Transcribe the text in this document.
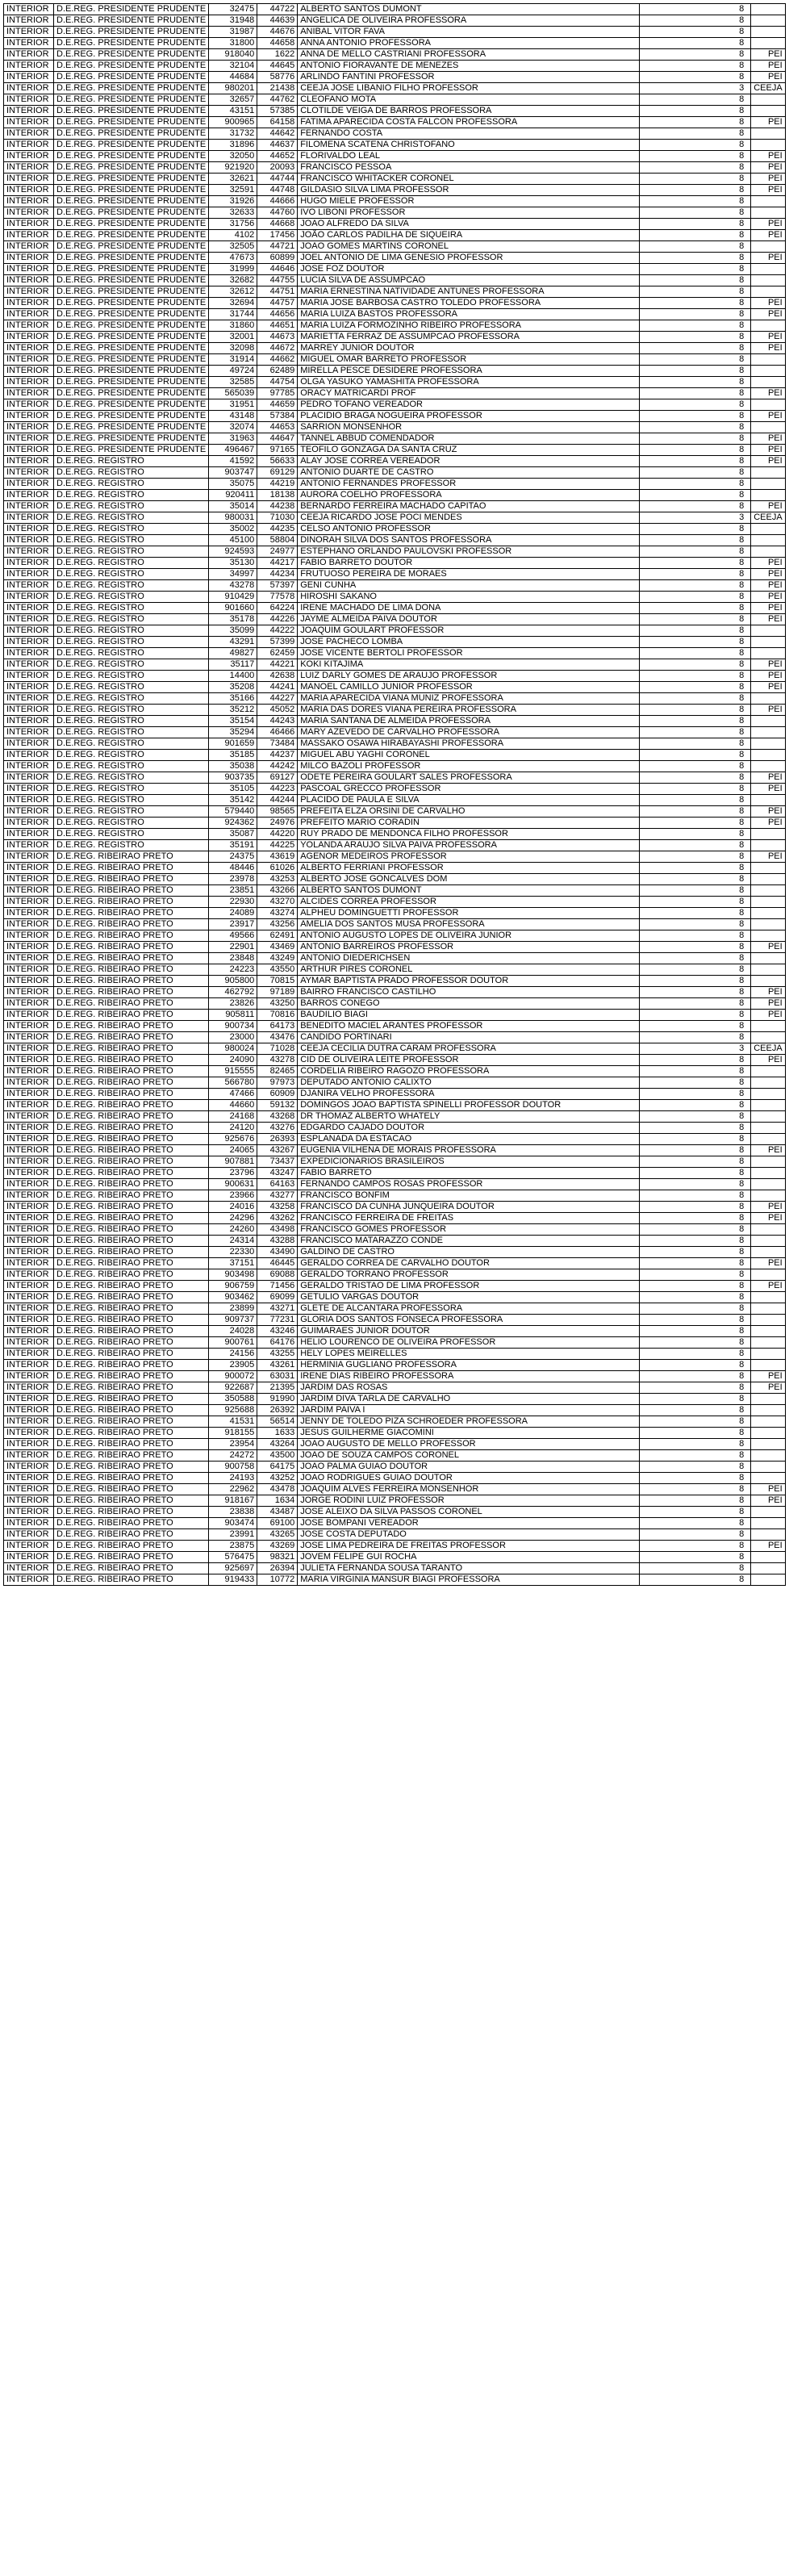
INTERIOR	D.E.REG. PRESIDENTE PRUDENTE	32475	44722	ALBERTO SANTOS DUMONT	8	
INTERIOR	D.E.REG. PRESIDENTE PRUDENTE	31948	44639	ANGELICA DE OLIVEIRA PROFESSORA	8	
INTERIOR	D.E.REG. PRESIDENTE PRUDENTE	31987	44676	ANIBAL VITOR FAVA	8	
INTERIOR	D.E.REG. PRESIDENTE PRUDENTE	31800	44658	ANNA ANTONIO PROFESSORA	8	
INTERIOR	D.E.REG. PRESIDENTE PRUDENTE	918040	1622	ANNA DE MELLO CASTRIANI PROFESSORA	8	PEI
INTERIOR	D.E.REG. PRESIDENTE PRUDENTE	32104	44645	ANTONIO FIORAVANTE DE MENEZES	8	PEI
INTERIOR	D.E.REG. PRESIDENTE PRUDENTE	44684	58776	ARLINDO FANTINI PROFESSOR	8	PEI
INTERIOR	D.E.REG. PRESIDENTE PRUDENTE	980201	21438	CEEJA JOSE LIBANIO FILHO PROFESSOR	3	CEEJA
INTERIOR	D.E.REG. PRESIDENTE PRUDENTE	32657	44762	CLEOFANO MOTA	8	
INTERIOR	D.E.REG. PRESIDENTE PRUDENTE	43151	57385	CLOTILDE VEIGA DE BARROS PROFESSORA	8	
INTERIOR	D.E.REG. PRESIDENTE PRUDENTE	900965	64158	FATIMA APARECIDA COSTA FALCON PROFESSORA	8	PEI
INTERIOR	D.E.REG. PRESIDENTE PRUDENTE	31732	44642	FERNANDO COSTA	8	
INTERIOR	D.E.REG. PRESIDENTE PRUDENTE	31896	44637	FILOMENA SCATENA CHRISTOFANO	8	
INTERIOR	D.E.REG. PRESIDENTE PRUDENTE	32050	44652	FLORIVALDO LEAL	8	PEI
INTERIOR	D.E.REG. PRESIDENTE PRUDENTE	921920	20093	FRANCISCO PESSOA	8	PEI
INTERIOR	D.E.REG. PRESIDENTE PRUDENTE	32621	44744	FRANCISCO WHITACKER CORONEL	8	PEI
INTERIOR	D.E.REG. PRESIDENTE PRUDENTE	32591	44748	GILDASIO SILVA LIMA PROFESSOR	8	PEI
INTERIOR	D.E.REG. PRESIDENTE PRUDENTE	31926	44666	HUGO MIELE PROFESSOR	8	
INTERIOR	D.E.REG. PRESIDENTE PRUDENTE	32633	44760	IVO LIBONI PROFESSOR	8	
INTERIOR	D.E.REG. PRESIDENTE PRUDENTE	31756	44668	JOAO ALFREDO DA SILVA	8	PEI
INTERIOR	D.E.REG. PRESIDENTE PRUDENTE	4102	17456	JOÃO CARLOS PADILHA DE SIQUEIRA	8	PEI
INTERIOR	D.E.REG. PRESIDENTE PRUDENTE	32505	44721	JOAO GOMES MARTINS CORONEL	8	
INTERIOR	D.E.REG. PRESIDENTE PRUDENTE	47673	60899	JOEL ANTONIO DE LIMA GENESIO PROFESSOR	8	PEI
INTERIOR	D.E.REG. PRESIDENTE PRUDENTE	31999	44646	JOSE FOZ DOUTOR	8	
INTERIOR	D.E.REG. PRESIDENTE PRUDENTE	32682	44755	LUCIA SILVA DE ASSUMPCAO	8	
INTERIOR	D.E.REG. PRESIDENTE PRUDENTE	32612	44751	MARIA ERNESTINA NATIVIDADE ANTUNES PROFESSORA	8	
INTERIOR	D.E.REG. PRESIDENTE PRUDENTE	32694	44757	MARIA JOSE BARBOSA CASTRO TOLEDO PROFESSORA	8	PEI
INTERIOR	D.E.REG. PRESIDENTE PRUDENTE	31744	44656	MARIA LUIZA BASTOS PROFESSORA	8	PEI
INTERIOR	D.E.REG. PRESIDENTE PRUDENTE	31860	44651	MARIA LUIZA FORMOZINHO RIBEIRO PROFESSORA	8	
INTERIOR	D.E.REG. PRESIDENTE PRUDENTE	32001	44673	MARIETTA FERRAZ DE ASSUMPCAO PROFESSORA	8	PEI
INTERIOR	D.E.REG. PRESIDENTE PRUDENTE	32098	44672	MARREY JUNIOR DOUTOR	8	PEI
INTERIOR	D.E.REG. PRESIDENTE PRUDENTE	31914	44662	MIGUEL OMAR BARRETO PROFESSOR	8	
INTERIOR	D.E.REG. PRESIDENTE PRUDENTE	49724	62489	MIRELLA PESCE DESIDERE PROFESSORA	8	
INTERIOR	D.E.REG. PRESIDENTE PRUDENTE	32585	44754	OLGA YASUKO YAMASHITA PROFESSORA	8	
INTERIOR	D.E.REG. PRESIDENTE PRUDENTE	565039	97785	ORACY MATRICARDI PROF	8	PEI
INTERIOR	D.E.REG. PRESIDENTE PRUDENTE	31951	44659	PEDRO TOFANO VEREADOR	8	
INTERIOR	D.E.REG. PRESIDENTE PRUDENTE	43148	57384	PLACIDIO BRAGA NOGUEIRA PROFESSOR	8	PEI
INTERIOR	D.E.REG. PRESIDENTE PRUDENTE	32074	44653	SARRION MONSENHOR	8	
INTERIOR	D.E.REG. PRESIDENTE PRUDENTE	31963	44647	TANNEL ABBUD COMENDADOR	8	PEI
INTERIOR	D.E.REG. PRESIDENTE PRUDENTE	496467	97165	TEOFILO GONZAGA DA SANTA CRUZ	8	PEI
INTERIOR	D.E.REG. REGISTRO	41592	56633	ALAY JOSE CORREA VEREADOR	8	PEI
INTERIOR	D.E.REG. REGISTRO	903747	69129	ANTONIO DUARTE DE CASTRO	8	
INTERIOR	D.E.REG. REGISTRO	35075	44219	ANTONIO FERNANDES PROFESSOR	8	
INTERIOR	D.E.REG. REGISTRO	920411	18138	AURORA COELHO PROFESSORA	8	
INTERIOR	D.E.REG. REGISTRO	35014	44238	BERNARDO FERREIRA MACHADO CAPITAO	8	PEI
INTERIOR	D.E.REG. REGISTRO	980031	71030	CEEJA RICARDO JOSE POCI MENDES	3	CEEJA
INTERIOR	D.E.REG. REGISTRO	35002	44235	CELSO ANTONIO PROFESSOR	8	
INTERIOR	D.E.REG. REGISTRO	45100	58804	DINORAH SILVA DOS SANTOS PROFESSORA	8	
INTERIOR	D.E.REG. REGISTRO	924593	24977	ESTEPHANO ORLANDO PAULOVSKI PROFESSOR	8	
INTERIOR	D.E.REG. REGISTRO	35130	44217	FABIO BARRETO DOUTOR	8	PEI
INTERIOR	D.E.REG. REGISTRO	34997	44234	FRUTUOSO PEREIRA DE MORAES	8	PEI
INTERIOR	D.E.REG. REGISTRO	43278	57397	GENI CUNHA	8	PEI
INTERIOR	D.E.REG. REGISTRO	910429	77578	HIROSHI SAKANO	8	PEI
INTERIOR	D.E.REG. REGISTRO	901660	64224	IRENE MACHADO DE LIMA DONA	8	PEI
INTERIOR	D.E.REG. REGISTRO	35178	44226	JAYME ALMEIDA PAIVA DOUTOR	8	PEI
INTERIOR	D.E.REG. REGISTRO	35099	44222	JOAQUIM GOULART PROFESSOR	8	
INTERIOR	D.E.REG. REGISTRO	43291	57399	JOSE PACHECO LOMBA	8	
INTERIOR	D.E.REG. REGISTRO	49827	62459	JOSE VICENTE BERTOLI PROFESSOR	8	
INTERIOR	D.E.REG. REGISTRO	35117	44221	KOKI KITAJIMA	8	PEI
INTERIOR	D.E.REG. REGISTRO	14400	42638	LUIZ DARLY GOMES DE ARAUJO PROFESSOR	8	PEI
INTERIOR	D.E.REG. REGISTRO	35208	44241	MANOEL CAMILLO JUNIOR PROFESSOR	8	PEI
INTERIOR	D.E.REG. REGISTRO	35166	44227	MARIA APARECIDA VIANA MUNIZ PROFESSORA	8	
INTERIOR	D.E.REG. REGISTRO	35212	45052	MARIA DAS DORES VIANA PEREIRA PROFESSORA	8	PEI
INTERIOR	D.E.REG. REGISTRO	35154	44243	MARIA SANTANA DE ALMEIDA PROFESSORA	8	
INTERIOR	D.E.REG. REGISTRO	35294	46466	MARY AZEVEDO DE CARVALHO PROFESSORA	8	
INTERIOR	D.E.REG. REGISTRO	901659	73484	MASSAKO OSAWA HIRABAYASHI PROFESSORA	8	
INTERIOR	D.E.REG. REGISTRO	35185	44237	MIGUEL ABU YAGHI CORONEL	8	
INTERIOR	D.E.REG. REGISTRO	35038	44242	MILCO BAZOLI PROFESSOR	8	
INTERIOR	D.E.REG. REGISTRO	903735	69127	ODETE PEREIRA GOULART SALES PROFESSORA	8	PEI
INTERIOR	D.E.REG. REGISTRO	35105	44223	PASCOAL GRECCO PROFESSOR	8	PEI
INTERIOR	D.E.REG. REGISTRO	35142	44244	PLACIDO DE PAULA E SILVA	8	
INTERIOR	D.E.REG. REGISTRO	579440	98565	PREFEITA ELZA ORSINI DE CARVALHO	8	PEI
INTERIOR	D.E.REG. REGISTRO	924362	24976	PREFEITO MARIO CORADIN	8	PEI
INTERIOR	D.E.REG. REGISTRO	35087	44220	RUY PRADO DE MENDONCA FILHO PROFESSOR	8	
INTERIOR	D.E.REG. REGISTRO	35191	44225	YOLANDA ARAUJO SILVA PAIVA PROFESSORA	8	
INTERIOR	D.E.REG. RIBEIRAO PRETO	24375	43619	AGENOR MEDEIROS PROFESSOR	8	PEI
INTERIOR	D.E.REG. RIBEIRAO PRETO	48446	61026	ALBERTO FERRIANI PROFESSOR	8	
INTERIOR	D.E.REG. RIBEIRAO PRETO	23978	43253	ALBERTO JOSE GONCALVES DOM	8	
INTERIOR	D.E.REG. RIBEIRAO PRETO	23851	43266	ALBERTO SANTOS DUMONT	8	
INTERIOR	D.E.REG. RIBEIRAO PRETO	22930	43270	ALCIDES CORREA PROFESSOR	8	
INTERIOR	D.E.REG. RIBEIRAO PRETO	24089	43274	ALPHEU DOMINGUETTI PROFESSOR	8	
INTERIOR	D.E.REG. RIBEIRAO PRETO	23917	43256	AMELIA DOS SANTOS MUSA PROFESSORA	8	
INTERIOR	D.E.REG. RIBEIRAO PRETO	49566	62491	ANTONIO AUGUSTO LOPES DE OLIVEIRA JUNIOR	8	
INTERIOR	D.E.REG. RIBEIRAO PRETO	22901	43469	ANTONIO BARREIROS PROFESSOR	8	PEI
INTERIOR	D.E.REG. RIBEIRAO PRETO	23848	43249	ANTONIO DIEDERICHSEN	8	
INTERIOR	D.E.REG. RIBEIRAO PRETO	24223	43550	ARTHUR PIRES CORONEL	8	
INTERIOR	D.E.REG. RIBEIRAO PRETO	905800	70815	AYMAR BAPTISTA PRADO PROFESSOR DOUTOR	8	
INTERIOR	D.E.REG. RIBEIRAO PRETO	462792	97189	BAIRRO FRANCISCO CASTILHO	8	PEI
INTERIOR	D.E.REG. RIBEIRAO PRETO	23826	43250	BARROS CONEGO	8	PEI
INTERIOR	D.E.REG. RIBEIRAO PRETO	905811	70816	BAUDILIO BIAGI	8	PEI
INTERIOR	D.E.REG. RIBEIRAO PRETO	900734	64173	BENEDITO MACIEL ARANTES PROFESSOR	8	
INTERIOR	D.E.REG. RIBEIRAO PRETO	23000	43476	CANDIDO PORTINARI	8	
INTERIOR	D.E.REG. RIBEIRAO PRETO	980024	71028	CEEJA CECILIA DUTRA CARAM PROFESSORA	3	CEEJA
INTERIOR	D.E.REG. RIBEIRAO PRETO	24090	43278	CID DE OLIVEIRA LEITE PROFESSOR	8	PEI
INTERIOR	D.E.REG. RIBEIRAO PRETO	915555	82465	CORDELIA RIBEIRO RAGOZO PROFESSORA	8	
INTERIOR	D.E.REG. RIBEIRAO PRETO	566780	97973	DEPUTADO ANTONIO CALIXTO	8	
INTERIOR	D.E.REG. RIBEIRAO PRETO	47466	60909	DJANIRA VELHO PROFESSORA	8	
INTERIOR	D.E.REG. RIBEIRAO PRETO	44660	59132	DOMINGOS JOAO BAPTISTA SPINELLI PROFESSOR DOUTOR	8	
INTERIOR	D.E.REG. RIBEIRAO PRETO	24168	43268	DR THOMAZ ALBERTO WHATELY	8	
INTERIOR	D.E.REG. RIBEIRAO PRETO	24120	43276	EDGARDO CAJADO DOUTOR	8	
INTERIOR	D.E.REG. RIBEIRAO PRETO	925676	26393	ESPLANADA DA ESTACAO	8	
INTERIOR	D.E.REG. RIBEIRAO PRETO	24065	43267	EUGENIA VILHENA DE MORAIS PROFESSORA	8	PEI
INTERIOR	D.E.REG. RIBEIRAO PRETO	907881	73437	EXPEDICIONARIOS BRASILEIROS	8	
INTERIOR	D.E.REG. RIBEIRAO PRETO	23796	43247	FABIO BARRETO	8	
INTERIOR	D.E.REG. RIBEIRAO PRETO	900631	64163	FERNANDO CAMPOS ROSAS PROFESSOR	8	
INTERIOR	D.E.REG. RIBEIRAO PRETO	23966	43277	FRANCISCO BONFIM	8	
INTERIOR	D.E.REG. RIBEIRAO PRETO	24016	43258	FRANCISCO DA CUNHA JUNQUEIRA DOUTOR	8	PEI
INTERIOR	D.E.REG. RIBEIRAO PRETO	24296	43262	FRANCISCO FERREIRA DE FREITAS	8	PEI
INTERIOR	D.E.REG. RIBEIRAO PRETO	24260	43498	FRANCISCO GOMES PROFESSOR	8	
INTERIOR	D.E.REG. RIBEIRAO PRETO	24314	43288	FRANCISCO MATARAZZO CONDE	8	
INTERIOR	D.E.REG. RIBEIRAO PRETO	22330	43490	GALDINO DE CASTRO	8	
INTERIOR	D.E.REG. RIBEIRAO PRETO	37151	46445	GERALDO CORREA DE CARVALHO DOUTOR	8	PEI
INTERIOR	D.E.REG. RIBEIRAO PRETO	903498	69088	GERALDO TORRANO PROFESSOR	8	
INTERIOR	D.E.REG. RIBEIRAO PRETO	906759	71456	GERALDO TRISTAO DE LIMA PROFESSOR	8	PEI
INTERIOR	D.E.REG. RIBEIRAO PRETO	903462	69099	GETULIO VARGAS DOUTOR	8	
INTERIOR	D.E.REG. RIBEIRAO PRETO	23899	43271	GLETE DE ALCANTARA PROFESSORA	8	
INTERIOR	D.E.REG. RIBEIRAO PRETO	909737	77231	GLORIA DOS SANTOS FONSECA PROFESSORA	8	
INTERIOR	D.E.REG. RIBEIRAO PRETO	24028	43246	GUIMARAES JUNIOR DOUTOR	8	
INTERIOR	D.E.REG. RIBEIRAO PRETO	900761	64176	HELIO LOURENCO DE OLIVEIRA PROFESSOR	8	
INTERIOR	D.E.REG. RIBEIRAO PRETO	24156	43255	HELY LOPES MEIRELLES	8	
INTERIOR	D.E.REG. RIBEIRAO PRETO	23905	43261	HERMINIA GUGLIANO PROFESSORA	8	
INTERIOR	D.E.REG. RIBEIRAO PRETO	900072	63031	IRENE DIAS RIBEIRO PROFESSORA	8	PEI
INTERIOR	D.E.REG. RIBEIRAO PRETO	922687	21395	JARDIM DAS ROSAS	8	PEI
INTERIOR	D.E.REG. RIBEIRAO PRETO	350588	91990	JARDIM DIVA TARLA DE CARVALHO	8	
INTERIOR	D.E.REG. RIBEIRAO PRETO	925688	26392	JARDIM PAIVA I	8	
INTERIOR	D.E.REG. RIBEIRAO PRETO	41531	56514	JENNY DE TOLEDO PIZA SCHROEDER PROFESSORA	8	
INTERIOR	D.E.REG. RIBEIRAO PRETO	918155	1633	JESUS GUILHERME GIACOMINI	8	
INTERIOR	D.E.REG. RIBEIRAO PRETO	23954	43264	JOAO AUGUSTO DE MELLO PROFESSOR	8	
INTERIOR	D.E.REG. RIBEIRAO PRETO	24272	43500	JOAO DE SOUZA CAMPOS CORONEL	8	
INTERIOR	D.E.REG. RIBEIRAO PRETO	900758	64175	JOAO PALMA GUIAO DOUTOR	8	
INTERIOR	D.E.REG. RIBEIRAO PRETO	24193	43252	JOAO RODRIGUES GUIAO DOUTOR	8	
INTERIOR	D.E.REG. RIBEIRAO PRETO	22962	43478	JOAQUIM ALVES FERREIRA MONSENHOR	8	PEI
INTERIOR	D.E.REG. RIBEIRAO PRETO	918167	1634	JORGE RODINI LUIZ PROFESSOR	8	PEI
INTERIOR	D.E.REG. RIBEIRAO PRETO	23838	43487	JOSE ALEIXO DA SILVA PASSOS CORONEL	8	
INTERIOR	D.E.REG. RIBEIRAO PRETO	903474	69100	JOSE BOMPANI VEREADOR	8	
INTERIOR	D.E.REG. RIBEIRAO PRETO	23991	43265	JOSE COSTA DEPUTADO	8	
INTERIOR	D.E.REG. RIBEIRAO PRETO	23875	43269	JOSE LIMA PEDREIRA DE FREITAS PROFESSOR	8	PEI
INTERIOR	D.E.REG. RIBEIRAO PRETO	576475	98321	JOVEM FELIPE GUI ROCHA	8	
INTERIOR	D.E.REG. RIBEIRAO PRETO	925697	26394	JULIETA FERNANDA SOUSA TARANTO	8	
INTERIOR	D.E.REG. RIBEIRAO PRETO	919433	10772	MARIA VIRGINIA MANSUR BIAGI PROFESSORA	8	
